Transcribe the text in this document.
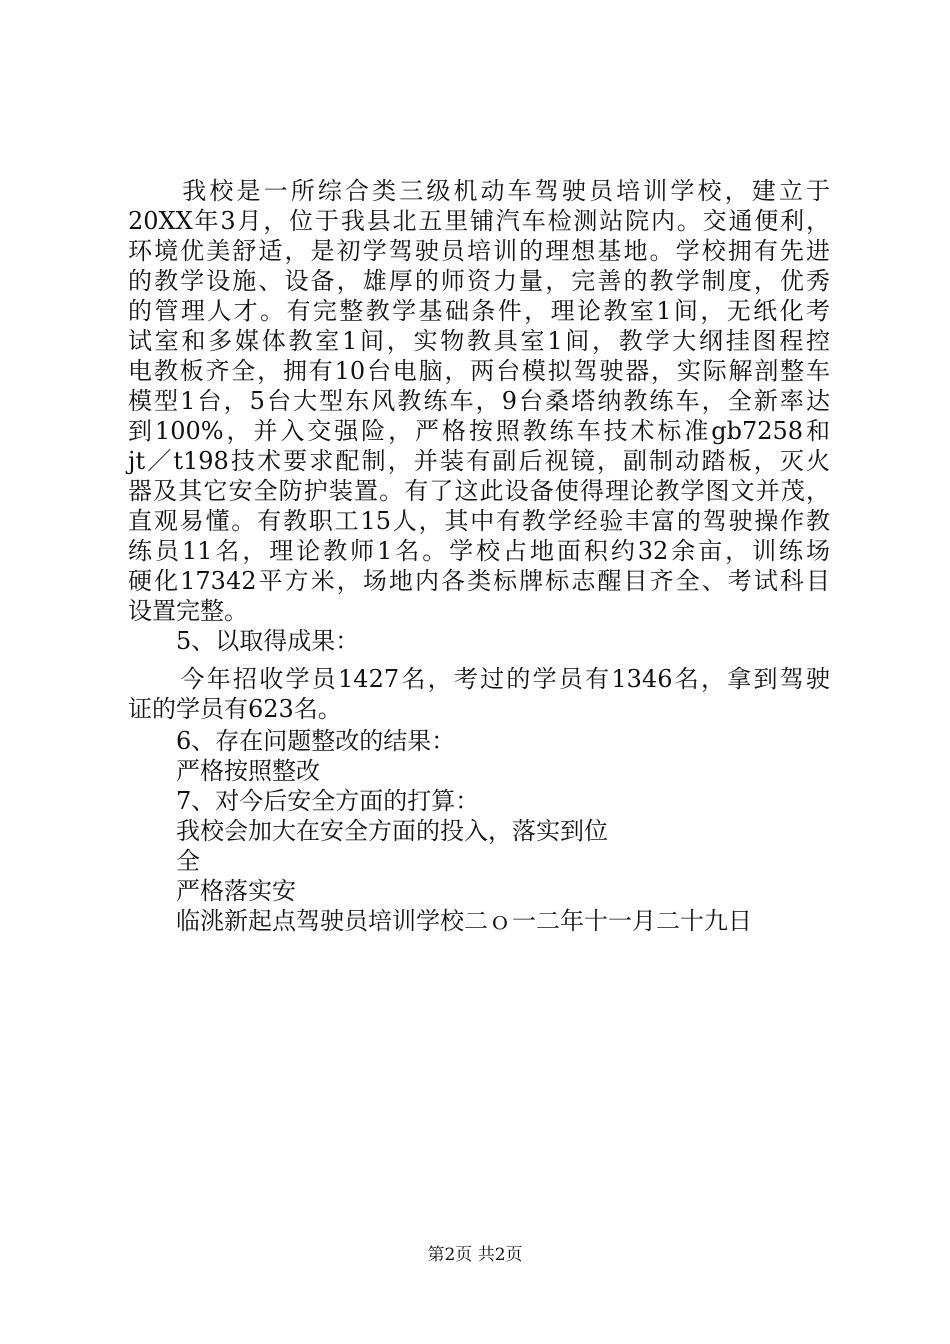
　　我校是一所综合类三级机动车驾驶员培训学校，建立于
20XX年3月，位于我县北五里铺汽车检测站院内。交通便利，
环境优美舒适，是初学驾驶员培训的理想基地。学校拥有先进
的教学设施、设备，雄厚的师资力量，完善的教学制度，优秀
的管理人才。有完整教学基础条件，理论教室1间，无纸化考
试室和多媒体教室1间，实物教具室1间，教学大纲挂图程控
电教板齐全，拥有10台电脑，两台模拟驾驶器，实际解剖整车
模型1台，5台大型东风教练车，9台桑塔纳教练车，全新率达
到100%，并入交强险，严格按照教练车技术标准gb7258和
jt／t198技术要求配制，并装有副后视镜，副制动踏板，灭火
器及其它安全防护装置。有了这此设备使得理论教学图文并茂，
直观易懂。有教职工15人，其中有教学经验丰富的驾驶操作教
练员11名，理论教师1名。学校占地面积约32余亩，训练场
硬化17342平方米，场地内各类标牌标志醒目齐全、考试科目
设置完整。
　　5、以取得成果：
　　今年招收学员1427名，考过的学员有1346名，拿到驾驶
证的学员有623名。
　　6、存在问题整改的结果：
　　严格按照整改
　　7、对今后安全方面的打算：
　　我校会加大在安全方面的投入，落实到位
　　全
　　严格落实安
　　临洮新起点驾驶员培训学校二ｏ一二年十一月二十九日
第2页 共2页
